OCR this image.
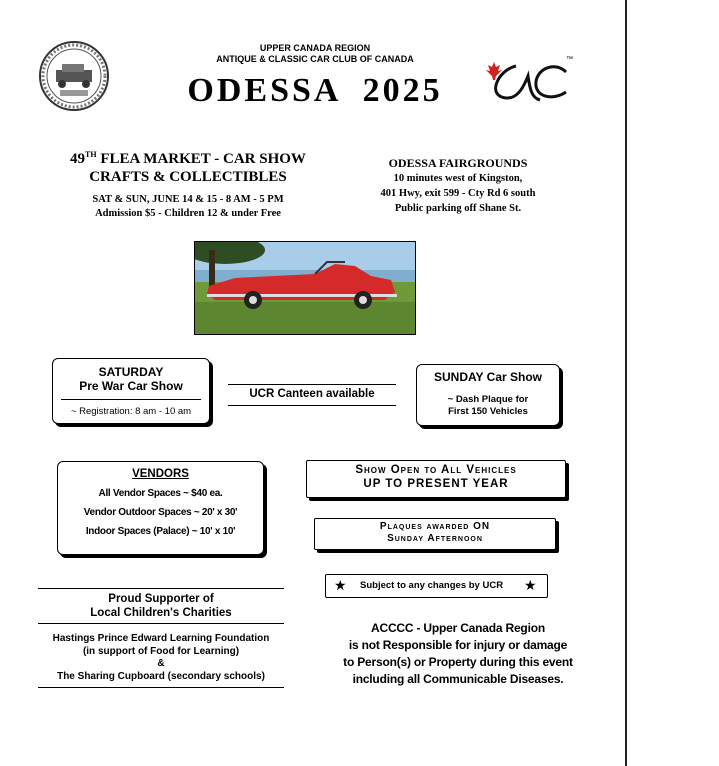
UPPER CANADA REGION
ANTIQUE & CLASSIC CAR CLUB OF CANADA
ODESSA  2025
™
49TH FLEA MARKET - CAR SHOW
CRAFTS & COLLECTIBLES
SAT & SUN, JUNE 14 & 15 - 8 AM - 5 PM
Admission $5 - Children 12 & under Free
ODESSA FAIRGROUNDS
10 minutes west of Kingston,
401 Hwy, exit 599 - Cty Rd 6 south
Public parking off Shane St.
SATURDAY
Pre War Car Show
~ Registration: 8 am - 10 am
UCR Canteen available
SUNDAY Car Show
~ Dash Plaque for
First 150 Vehicles
VENDORS
All Vendor Spaces ~ $40 ea.
Vendor Outdoor Spaces ~ 20' x 30'
Indoor Spaces (Palace) ~ 10' x 10'
Show Open to All Vehicles
UP TO PRESENT YEAR
Plaques awarded ON
Sunday Afternoon
★ Subject to any changes by UCR ★
Proud Supporter of
Local Children's Charities
Hastings Prince Edward Learning Foundation
(in support of Food for Learning)
&
The Sharing Cupboard (secondary schools)
ACCCC - Upper Canada Region
is not Responsible for injury or damage
to Person(s) or Property during this event
including all Communicable Diseases.
